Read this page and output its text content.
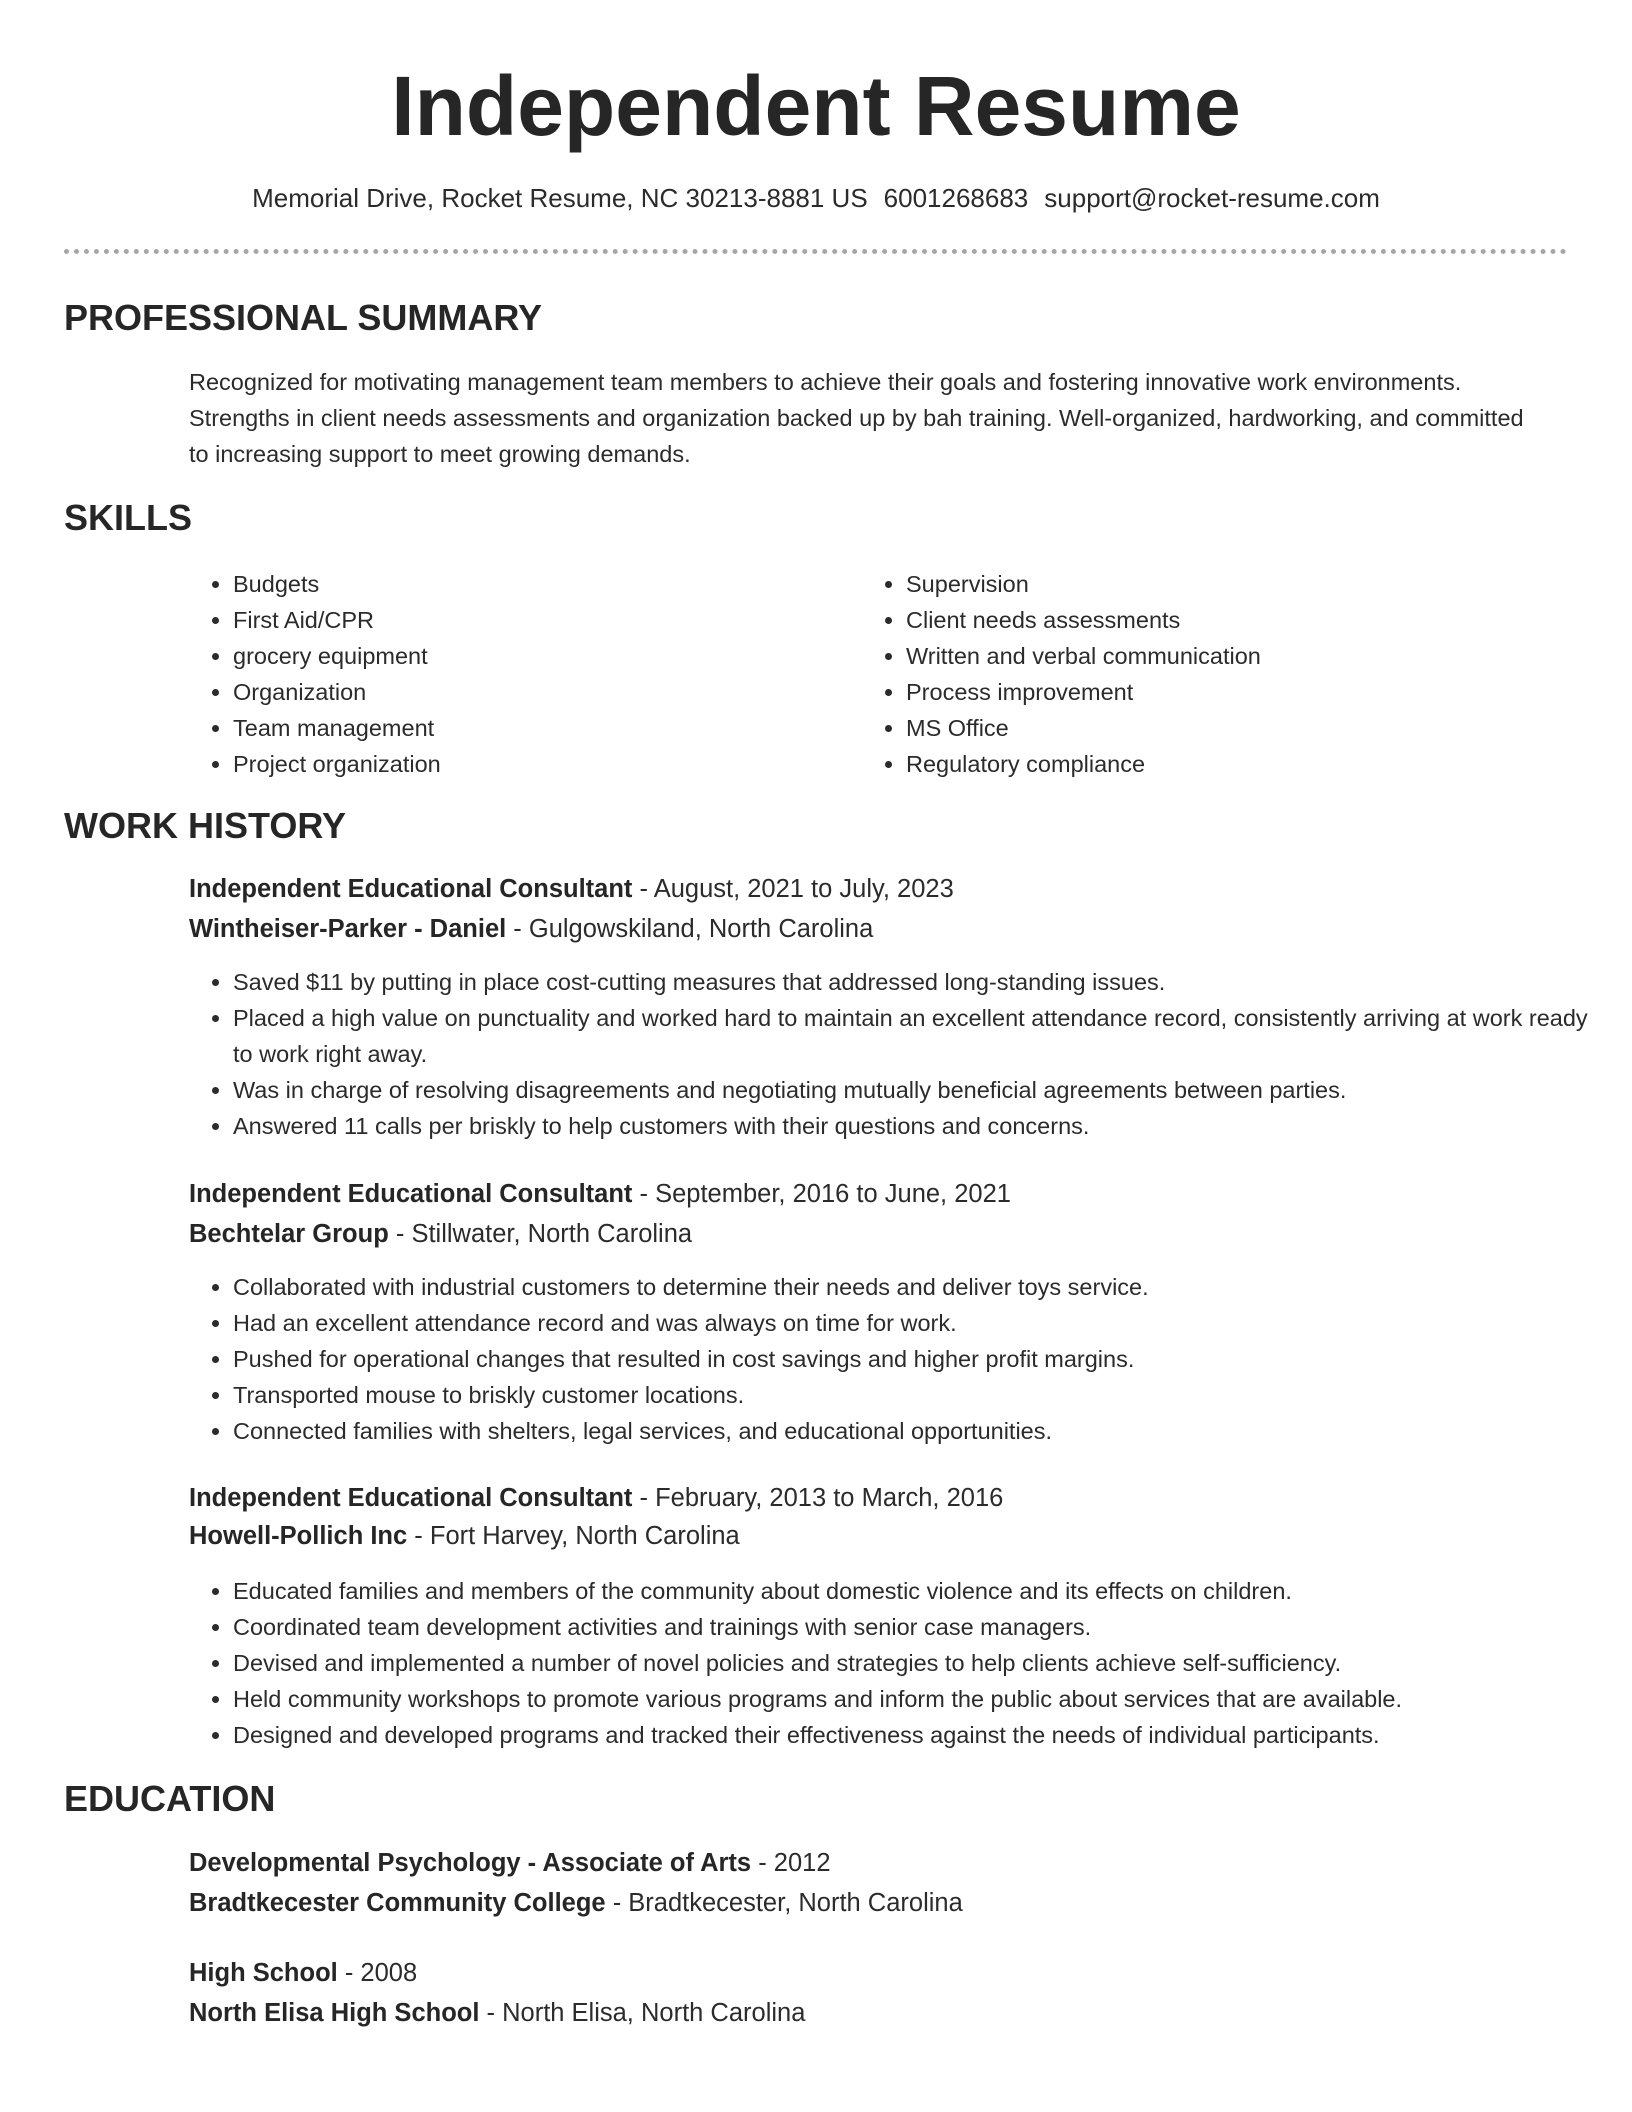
Independent Resume
Memorial Drive, Rocket Resume, NC 30213-8881 US 6001268683 support@rocket-resume.com
PROFESSIONAL SUMMARY

Recognized for motivating management team members to achieve their goals and fostering innovative work environments. Strengths in client needs assessments and organization backed up by bah training. Well-organized, hardworking, and committed to increasing support to meet growing demands.

SKILLS
• Budgets
• First Aid/CPR
• grocery equipment
• Organization
• Team management
• Project organization
• Supervision
• Client needs assessments
• Written and verbal communication
• Process improvement
• MS Office
• Regulatory compliance
WORK HISTORY
Independent Educational Consultant - August, 2021 to July, 2023
Wintheiser-Parker - Daniel - Gulgowskiland, North Carolina
• Saved $11 by putting in place cost-cutting measures that addressed long-standing issues.
• Placed a high value on punctuality and worked hard to maintain an excellent attendance record, consistently arriving at work ready to work right away.
• Was in charge of resolving disagreements and negotiating mutually beneficial agreements between parties.
• Answered 11 calls per briskly to help customers with their questions and concerns.
Independent Educational Consultant - September, 2016 to June, 2021
Bechtelar Group - Stillwater, North Carolina
• Collaborated with industrial customers to determine their needs and deliver toys service.
• Had an excellent attendance record and was always on time for work.
• Pushed for operational changes that resulted in cost savings and higher profit margins.
• Transported mouse to briskly customer locations.
• Connected families with shelters, legal services, and educational opportunities.
Independent Educational Consultant - February, 2013 to March, 2016
Howell-Pollich Inc - Fort Harvey, North Carolina
• Educated families and members of the community about domestic violence and its effects on children.
• Coordinated team development activities and trainings with senior case managers.
• Devised and implemented a number of novel policies and strategies to help clients achieve self-sufficiency.
• Held community workshops to promote various programs and inform the public about services that are available.
• Designed and developed programs and tracked their effectiveness against the needs of individual participants.
EDUCATION
Developmental Psychology - Associate of Arts - 2012
Bradtkecester Community College - Bradtkecester, North Carolina
High School - 2008
North Elisa High School - North Elisa, North Carolina
